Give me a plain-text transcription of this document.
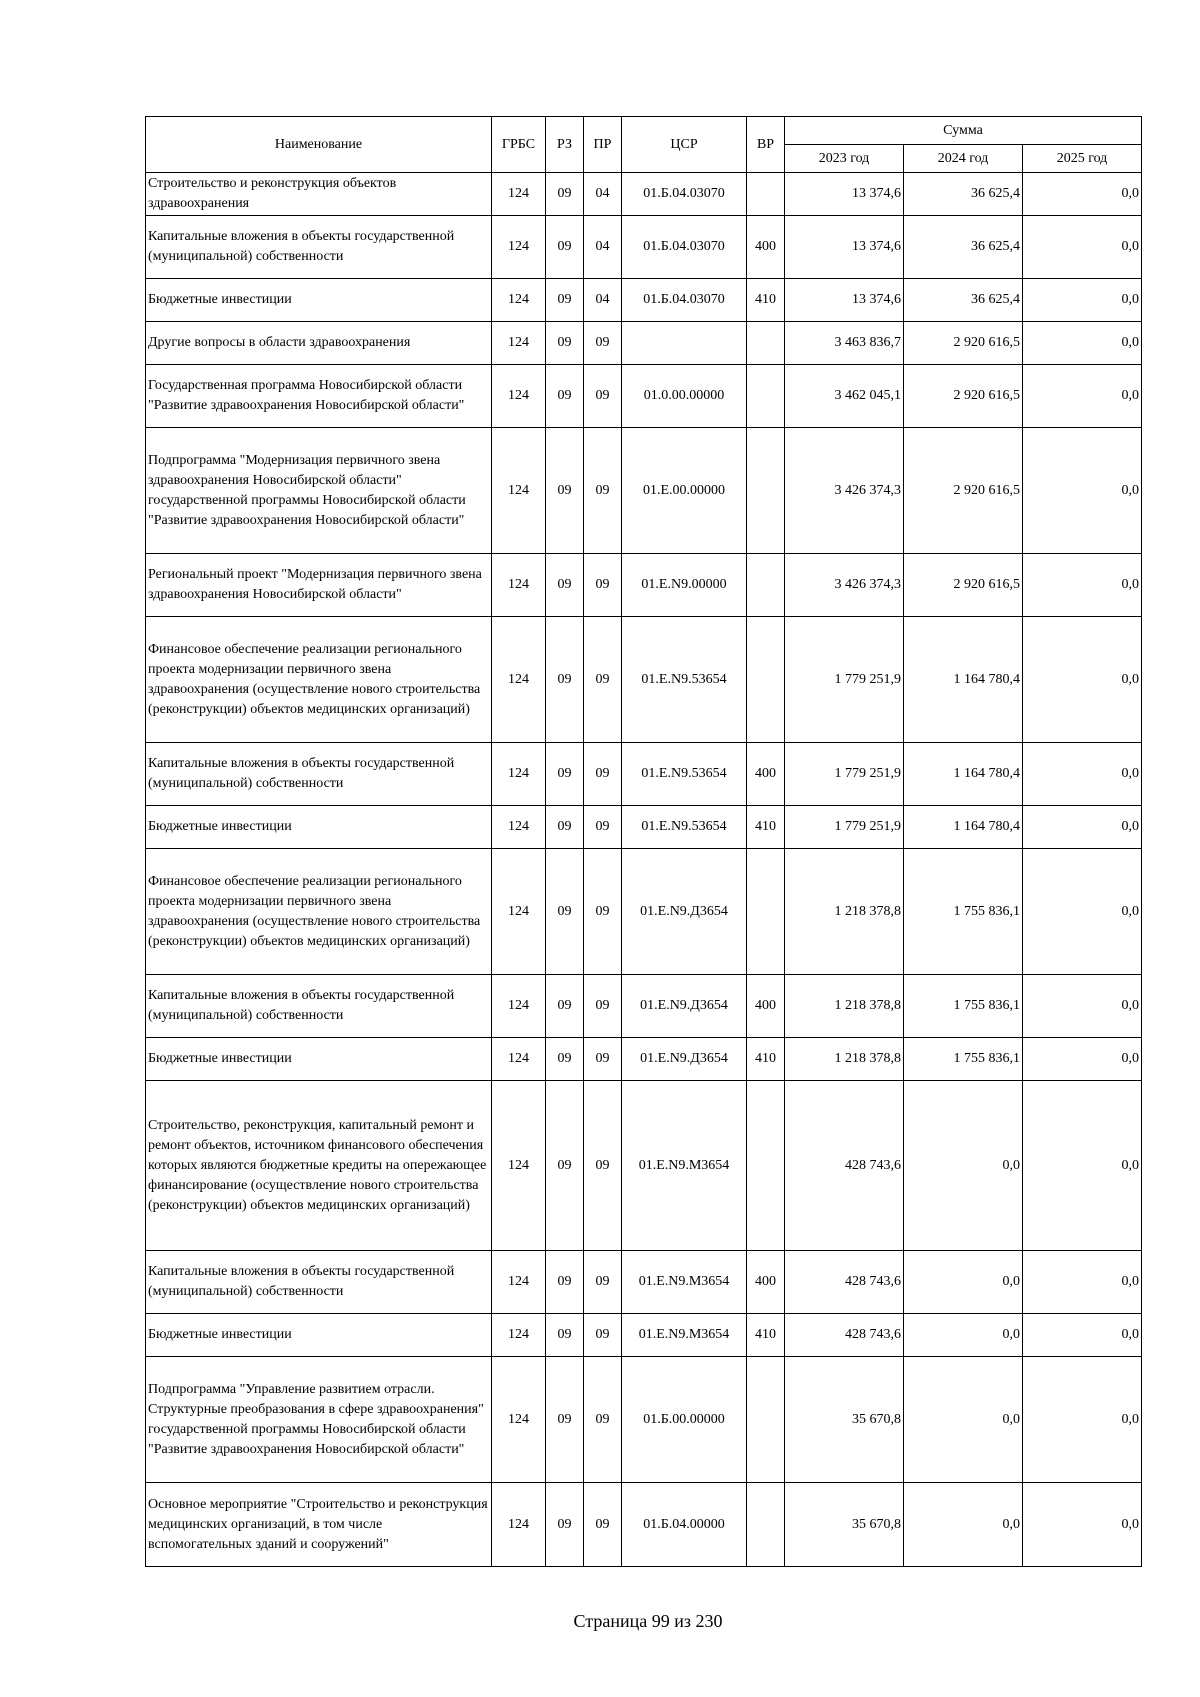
Наименование	ГРБС	РЗ	ПР	ЦСР	ВР	Сумма		
						2023 год	2024 год	2025 год
Строительство и реконструкция объектов здравоохранения	124	09	04	01.Б.04.03070		13 374,6	36 625,4	0,0
Капитальные вложения в объекты государственной (муниципальной) собственности	124	09	04	01.Б.04.03070	400	13 374,6	36 625,4	0,0
Бюджетные инвестиции	124	09	04	01.Б.04.03070	410	13 374,6	36 625,4	0,0
Другие вопросы в области здравоохранения	124	09	09			3 463 836,7	2 920 616,5	0,0
Государственная программа Новосибирской области "Развитие здравоохранения Новосибирской области"	124	09	09	01.0.00.00000		3 462 045,1	2 920 616,5	0,0
Подпрограмма "Модернизация первичного звена здравоохранения Новосибирской области" государственной программы Новосибирской области "Развитие здравоохранения Новосибирской области"	124	09	09	01.Е.00.00000		3 426 374,3	2 920 616,5	0,0
Региональный проект "Модернизация первичного звена здравоохранения Новосибирской области"	124	09	09	01.Е.N9.00000		3 426 374,3	2 920 616,5	0,0
Финансовое обеспечение реализации регионального проекта модернизации первичного звена здравоохранения (осуществление нового строительства (реконструкции) объектов медицинских организаций)	124	09	09	01.Е.N9.53654		1 779 251,9	1 164 780,4	0,0
Капитальные вложения в объекты государственной (муниципальной) собственности	124	09	09	01.Е.N9.53654	400	1 779 251,9	1 164 780,4	0,0
Бюджетные инвестиции	124	09	09	01.Е.N9.53654	410	1 779 251,9	1 164 780,4	0,0
Финансовое обеспечение реализации регионального проекта модернизации первичного звена здравоохранения (осуществление нового строительства (реконструкции) объектов медицинских организаций)	124	09	09	01.Е.N9.Д3654		1 218 378,8	1 755 836,1	0,0
Капитальные вложения в объекты государственной (муниципальной) собственности	124	09	09	01.Е.N9.Д3654	400	1 218 378,8	1 755 836,1	0,0
Бюджетные инвестиции	124	09	09	01.Е.N9.Д3654	410	1 218 378,8	1 755 836,1	0,0
Строительство, реконструкция, капитальный ремонт и ремонт объектов, источником финансового обеспечения которых являются бюджетные кредиты на опережающее финансирование (осуществление нового строительства (реконструкции) объектов медицинских организаций)	124	09	09	01.Е.N9.М3654		428 743,6	0,0	0,0
Капитальные вложения в объекты государственной (муниципальной) собственности	124	09	09	01.Е.N9.М3654	400	428 743,6	0,0	0,0
Бюджетные инвестиции	124	09	09	01.Е.N9.М3654	410	428 743,6	0,0	0,0
Подпрограмма "Управление развитием отрасли. Структурные преобразования в сфере здравоохранения" государственной программы Новосибирской области "Развитие здравоохранения Новосибирской области"	124	09	09	01.Б.00.00000		35 670,8	0,0	0,0
Основное мероприятие "Строительство и реконструкция медицинских организаций, в том числе вспомогательных зданий и сооружений"	124	09	09	01.Б.04.00000		35 670,8	0,0	0,0
Страница 99 из 230
